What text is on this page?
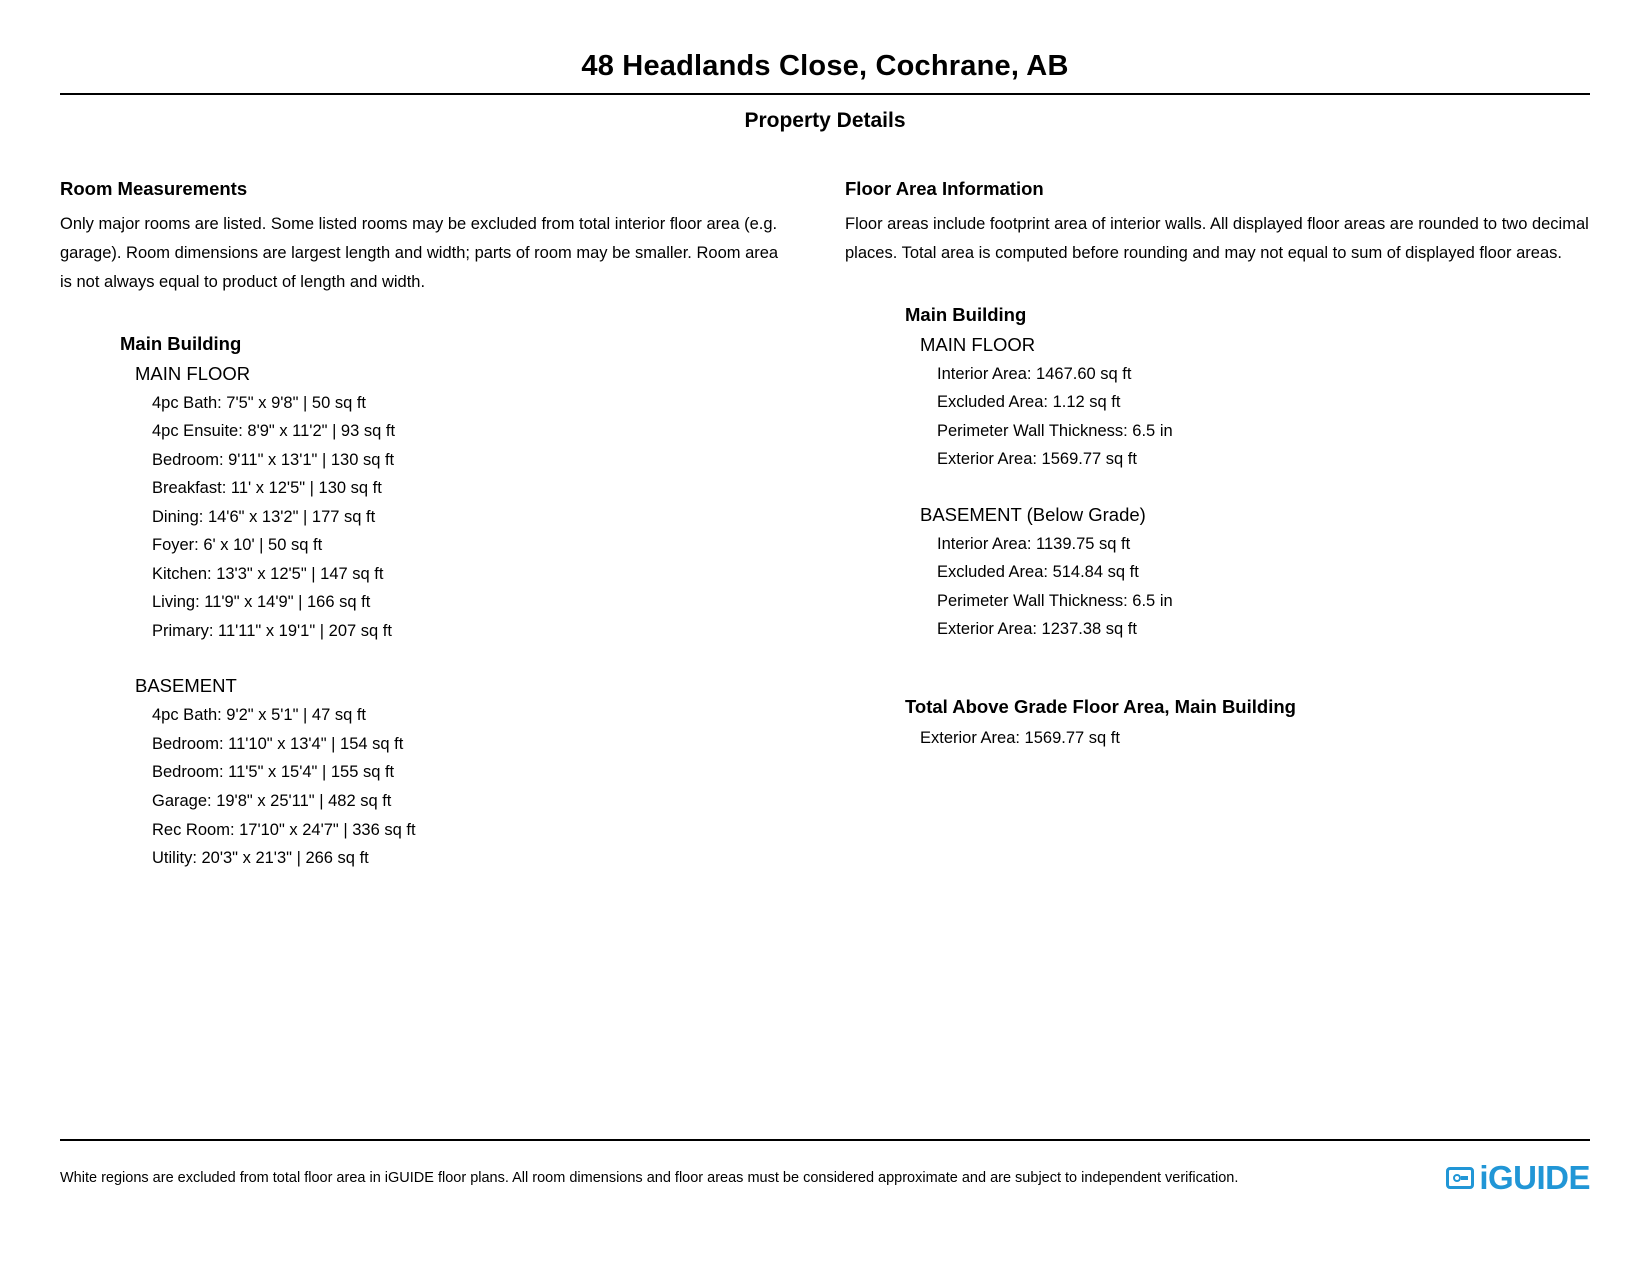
48 Headlands Close, Cochrane, AB
Property Details
Room Measurements

Only major rooms are listed. Some listed rooms may be excluded from total interior floor area (e.g. garage). Room dimensions are largest length and width; parts of room may be smaller. Room area is not always equal to product of length and width.

Main Building
MAIN FLOOR
4pc Bath: 7'5" x 9'8" | 50 sq ft
4pc Ensuite: 8'9" x 11'2" | 93 sq ft
Bedroom: 9'11" x 13'1" | 130 sq ft
Breakfast: 11' x 12'5" | 130 sq ft
Dining: 14'6" x 13'2" | 177 sq ft
Foyer: 6' x 10' | 50 sq ft
Kitchen: 13'3" x 12'5" | 147 sq ft
Living: 11'9" x 14'9" | 166 sq ft
Primary: 11'11" x 19'1" | 207 sq ft
BASEMENT
4pc Bath: 9'2" x 5'1" | 47 sq ft
Bedroom: 11'10" x 13'4" | 154 sq ft
Bedroom: 11'5" x 15'4" | 155 sq ft
Garage: 19'8" x 25'11" | 482 sq ft
Rec Room: 17'10" x 24'7" | 336 sq ft
Utility: 20'3" x 21'3" | 266 sq ft
Floor Area Information

Floor areas include footprint area of interior walls. All displayed floor areas are rounded to two decimal places. Total area is computed before rounding and may not equal to sum of displayed floor areas.

Main Building
MAIN FLOOR
Interior Area: 1467.60 sq ft
Excluded Area: 1.12 sq ft
Perimeter Wall Thickness: 6.5 in
Exterior Area: 1569.77 sq ft
BASEMENT (Below Grade)
Interior Area: 1139.75 sq ft
Excluded Area: 514.84 sq ft
Perimeter Wall Thickness: 6.5 in
Exterior Area: 1237.38 sq ft
Total Above Grade Floor Area, Main Building
Exterior Area: 1569.77 sq ft
White regions are excluded from total floor area in iGUIDE floor plans. All room dimensions and floor areas must be considered approximate and are subject to independent verification.	iGUIDE
